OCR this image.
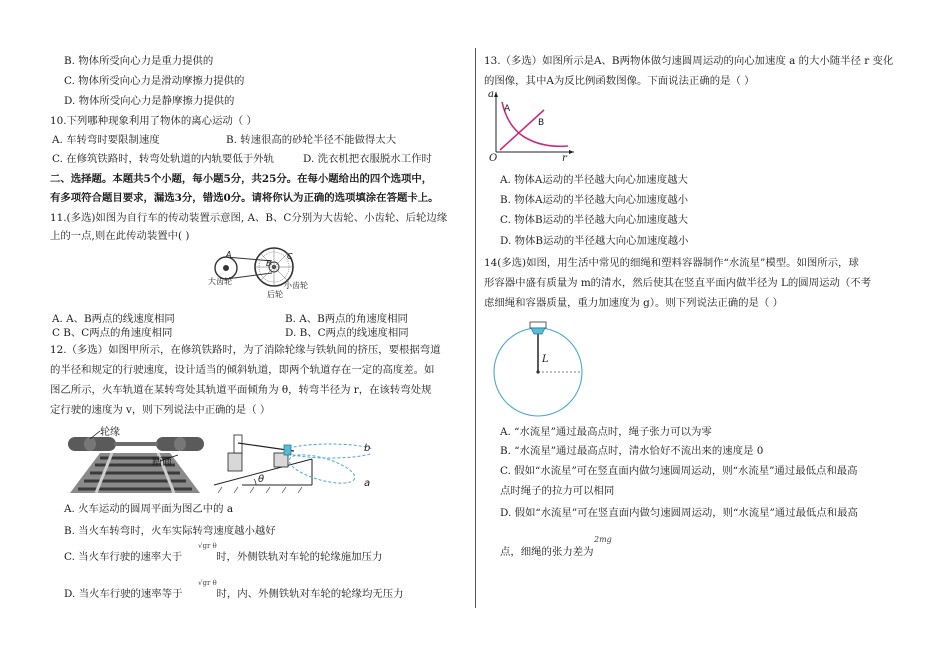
B. 物体所受向心力是重力提供的
C. 物体所受向心力是滑动摩擦力提供的
D. 物体所受向心力是静摩擦力提供的
10.下列哪种现象利用了物体的离心运动（ ）
A. 车转弯时要限制速度	B. 转速很高的砂轮半径不能做得太大
C. 在修筑铁路时，转弯处轨道的内轨要低于外轨	D. 洗衣机把衣服脱水工作时
二、选择题。本题共5个小题，每小题5分，共25分。在每小题给出的四个选项中，
有多项符合题目要求，漏选3分，错选0分。请将你认为正确的选项填涂在答题卡上。
11.(多选)如图为自行车的传动装置示意图, A、B、C分别为大齿轮、小齿轮、后轮边缘
上的一点,则在此传动装置中( )
A
B
C
大齿轮	小齿轮
后轮
A. A、B两点的线速度相同	B. A、B两点的角速度相同
C B、C两点的角速度相同	D. B、C两点的线速度相同
12.（多选）如图甲所示，在修筑铁路时，为了消除轮缘与铁轨间的挤压，要根据弯道
的半径和规定的行驶速度，设计适当的倾斜轨道，即两个轨道存在一定的高度差。如
图乙所示，火车轨道在某转弯处其轨道平面倾角为 θ，转弯半径为 r，在该转弯处规
定行驶的速度为 v，则下列说法中正确的是（ ）
轮缘
踏面
b
a
θ
A. 火车运动的圆周平面为图乙中的 a
B. 当火车转弯时，火车实际转弯速度越小越好
C. 当火车行驶的速率大于	时，外侧铁轨对车轮的轮缘施加压力
√gr θ
D. 当火车行驶的速率等于	时，内、外侧铁轨对车轮的轮缘均无压力
√gr θ
13.（多选）如图所示是A、B两物体做匀速圆周运动的向心加速度 a 的大小随半径 r 变化
的图像，其中A为反比例函数图像。下面说法正确的是（ ）
a
r
O
A
B
A. 物体A运动的半径越大向心加速度越大
B. 物体A运动的半径越大向心加速度越小
C. 物体B运动的半径越大向心加速度越大
D. 物体B运动的半径越大向心加速度越小
14(多选)如图，用生活中常见的细绳和塑料容器制作“水流星”模型。如图所示，球
形容器中盛有质量为 m的清水，然后使其在竖直平面内做半径为 L的圆周运动（不考
虑细绳和容器质量，重力加速度为 g）。则下列说法正确的是（ ）
L
A. “水流星”通过最高点时，绳子张力可以为零
B. “水流星”通过最高点时，清水恰好不流出来的速度是 0
C. 假如“水流星”可在竖直面内做匀速圆周运动，则“水流星”通过最低点和最高
点时绳子的拉力可以相同
D. 假如“水流星”可在竖直面内做匀速圆周运动，则“水流星”通过最低点和最高
点，细绳的张力差为
2mg
